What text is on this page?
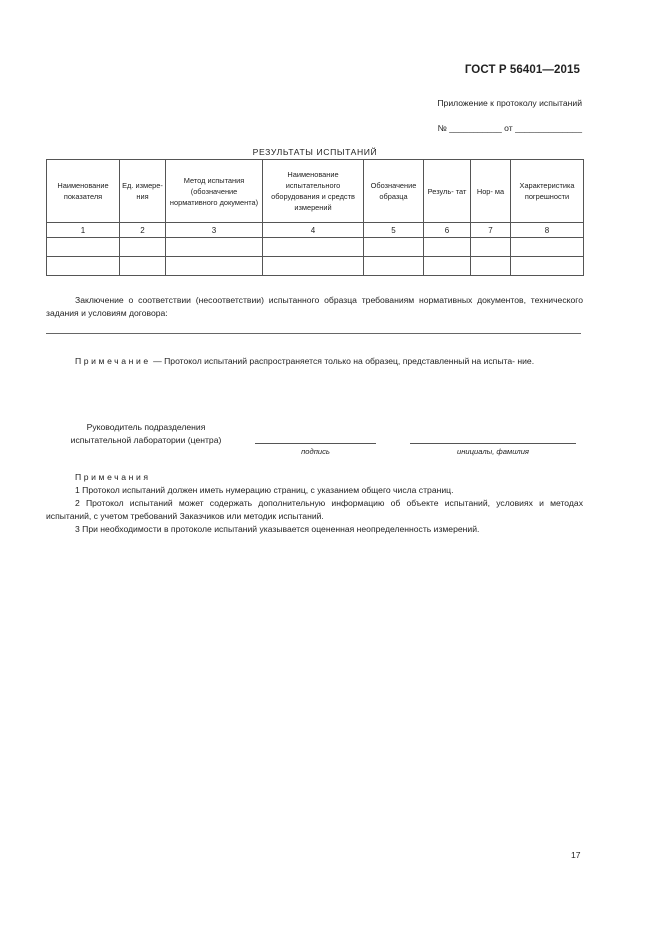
ГОСТ Р 56401—2015
Приложение к протоколу испытаний
№ ___________ от ______________
РЕЗУЛЬТАТЫ ИСПЫТАНИЙ
Наименование показателя	Ед. измере- ния	Метод испытания (обозначение нормативного документа)	Наименование испытательного оборудования и средств измерений	Обозначение образца	Резуль- тат	Нор- ма	Характеристика погрешности
1	2	3	4	5	6	7	8

Заключение о соответствии (несоответствии) испытанного образца требованиям нормативных документов, технического задания и условиям договора:
Примечание — Протокол испытаний распространяется только на образец, представленный на испыта- ние.
Руководитель подразделения
испытательной лаборатории (центра)
подпись	инициалы, фамилия
Примечания
1 Протокол испытаний должен иметь нумерацию страниц, с указанием общего числа страниц.
2 Протокол испытаний может содержать дополнительную информацию об объекте испытаний, условиях и методах испытаний, с учетом требований Заказчиков или методик испытаний.
3 При необходимости в протоколе испытаний указывается оцененная неопределенность измерений.
17
